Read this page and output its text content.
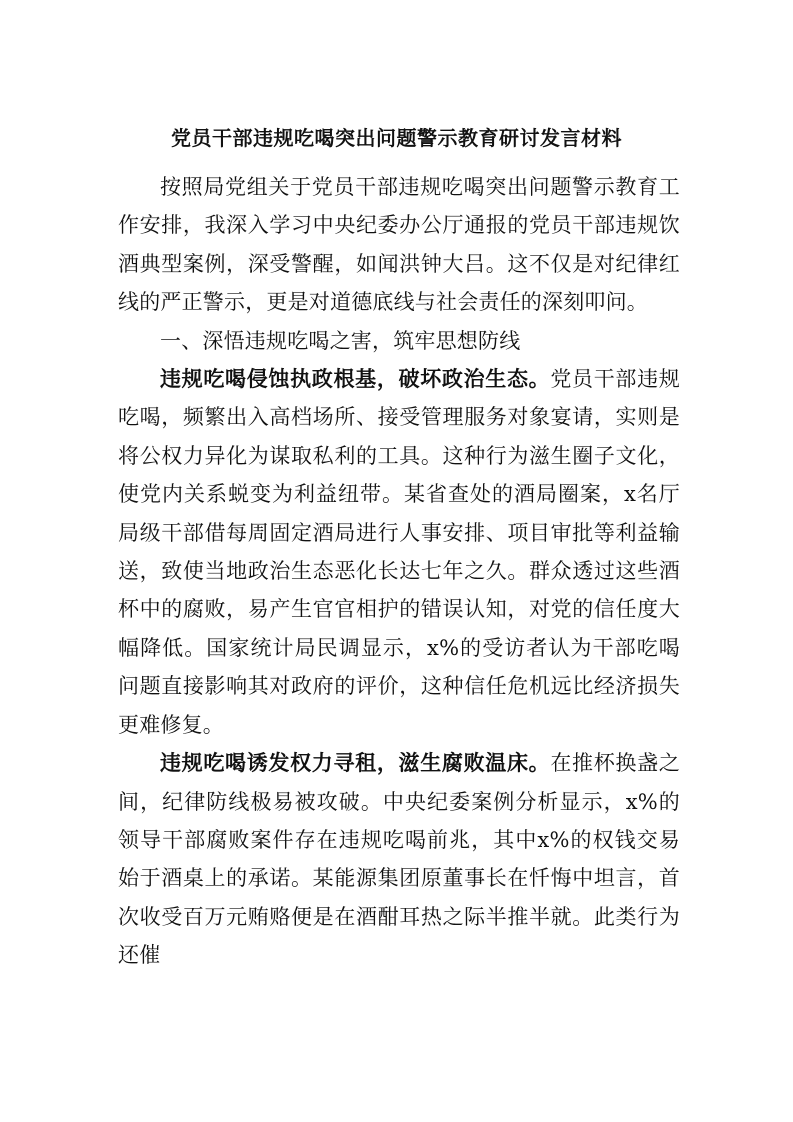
党员干部违规吃喝突出问题警示教育研讨发言材料

按照局党组关于党员干部违规吃喝突出问题警示教育工作安排，我深入学习中央纪委办公厅通报的党员干部违规饮酒典型案例，深受警醒，如闻洪钟大吕。这不仅是对纪律红线的严正警示，更是对道德底线与社会责任的深刻叩问。

一、深悟违规吃喝之害，筑牢思想防线

违规吃喝侵蚀执政根基，破坏政治生态。党员干部违规吃喝，频繁出入高档场所、接受管理服务对象宴请，实则是将公权力异化为谋取私利的工具。这种行为滋生圈子文化，使党内关系蜕变为利益纽带。某省查处的酒局圈案，x名厅局级干部借每周固定酒局进行人事安排、项目审批等利益输送，致使当地政治生态恶化长达七年之久。群众透过这些酒杯中的腐败，易产生官官相护的错误认知，对党的信任度大幅降低。国家统计局民调显示，x%的受访者认为干部吃喝问题直接影响其对政府的评价，这种信任危机远比经济损失更难修复。

违规吃喝诱发权力寻租，滋生腐败温床。在推杯换盏之间，纪律防线极易被攻破。中央纪委案例分析显示，x%的领导干部腐败案件存在违规吃喝前兆，其中x%的权钱交易始于酒桌上的承诺。某能源集团原董事长在忏悔中坦言，首次收受百万元贿赂便是在酒酣耳热之际半推半就。此类行为还催
